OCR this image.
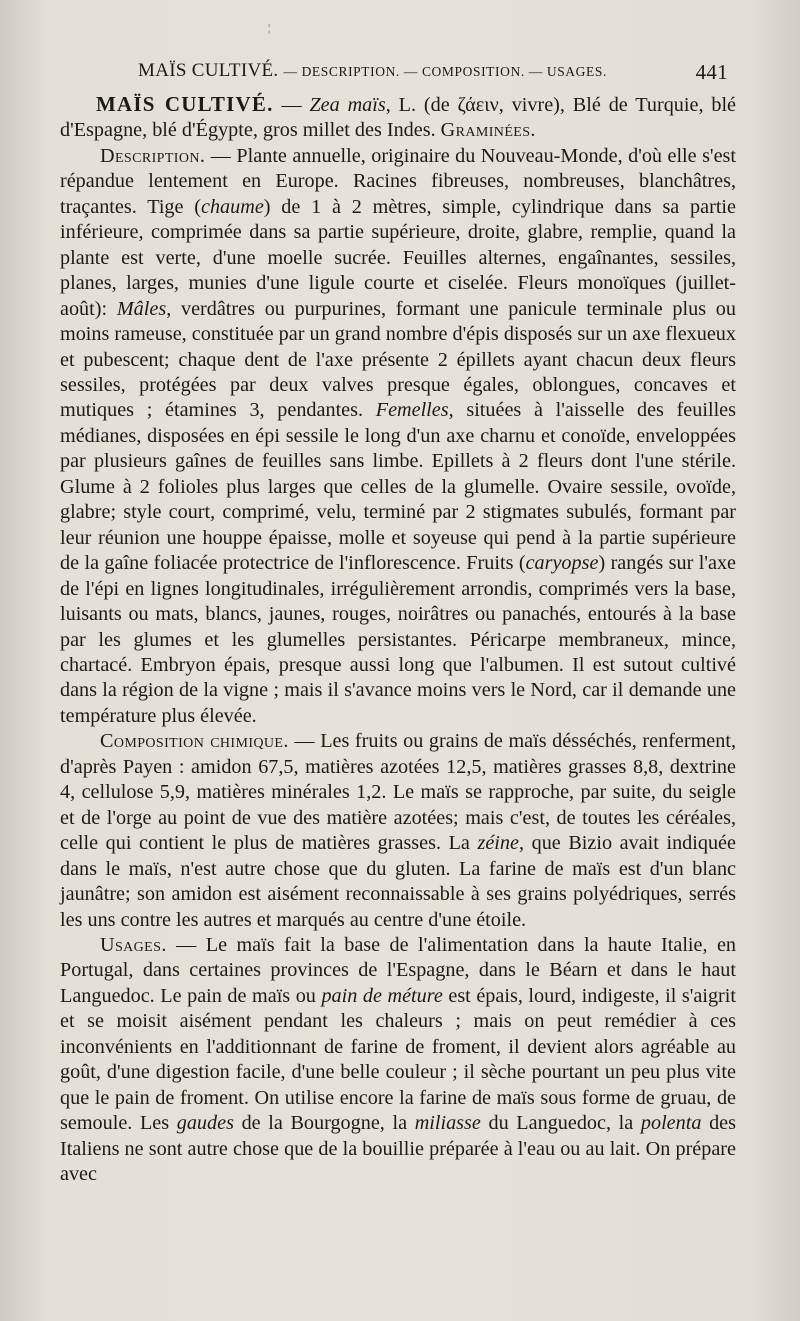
¦
MAÏS CULTIVÉ. — DESCRIPTION. — COMPOSITION. — USAGES.	441

MAÏS CULTIVÉ. — Zea maïs, L. (de ζάειν, vivre), Blé de Turquie, blé d'Espagne, blé d'Égypte, gros millet des Indes. Graminées.

Description. — Plante annuelle, originaire du Nouveau-Monde, d'où elle s'est répandue lentement en Europe. Racines fibreuses, nombreuses, blanchâtres, traçantes. Tige (chaume) de 1 à 2 mètres, simple, cylindrique dans sa partie inférieure, comprimée dans sa partie supérieure, droite, glabre, remplie, quand la plante est verte, d'une moelle sucrée. Feuilles alternes, engaînantes, sessiles, planes, larges, munies d'une ligule courte et ciselée. Fleurs monoïques (juillet-août): Mâles, verdâtres ou purpurines, formant une panicule terminale plus ou moins rameuse, constituée par un grand nombre d'épis disposés sur un axe flexueux et pubescent; chaque dent de l'axe présente 2 épillets ayant chacun deux fleurs sessiles, protégées par deux valves presque égales, oblongues, concaves et mutiques ; étamines 3, pendantes. Femelles, situées à l'aisselle des feuilles médianes, disposées en épi sessile le long d'un axe charnu et conoïde, enveloppées par plusieurs gaînes de feuilles sans limbe. Epillets à 2 fleurs dont l'une stérile. Glume à 2 folioles plus larges que celles de la glumelle. Ovaire sessile, ovoïde, glabre; style court, comprimé, velu, terminé par 2 stigmates subulés, formant par leur réunion une houppe épaisse, molle et soyeuse qui pend à la partie supérieure de la gaîne foliacée protectrice de l'inflorescence. Fruits (caryopse) rangés sur l'axe de l'épi en lignes longitudinales, irrégulièrement arrondis, comprimés vers la base, luisants ou mats, blancs, jaunes, rouges, noirâtres ou panachés, entourés à la base par les glumes et les glumelles persistantes. Péricarpe membraneux, mince, chartacé. Embryon épais, presque aussi long que l'albumen. Il est sutout cultivé dans la région de la vigne ; mais il s'avance moins vers le Nord, car il demande une température plus élevée.

Composition chimique. — Les fruits ou grains de maïs désséchés, renferment, d'après Payen : amidon 67,5, matières azotées 12,5, matières grasses 8,8, dextrine 4, cellulose 5,9, matières minérales 1,2. Le maïs se rapproche, par suite, du seigle et de l'orge au point de vue des matière azotées; mais c'est, de toutes les céréales, celle qui contient le plus de matières grasses. La zéine, que Bizio avait indiquée dans le maïs, n'est autre chose que du gluten. La farine de maïs est d'un blanc jaunâtre; son amidon est aisément reconnaissable à ses grains polyédriques, serrés les uns contre les autres et marqués au centre d'une étoile.

Usages. — Le maïs fait la base de l'alimentation dans la haute Italie, en Portugal, dans certaines provinces de l'Espagne, dans le Béarn et dans le haut Languedoc. Le pain de maïs ou pain de méture est épais, lourd, indigeste, il s'aigrit et se moisit aisément pendant les chaleurs ; mais on peut remédier à ces inconvénients en l'additionnant de farine de froment, il devient alors agréable au goût, d'une digestion facile, d'une belle couleur ; il sèche pourtant un peu plus vite que le pain de froment. On utilise encore la farine de maïs sous forme de gruau, de semoule. Les gaudes de la Bourgogne, la miliasse du Languedoc, la polenta des Italiens ne sont autre chose que de la bouillie préparée à l'eau ou au lait. On prépare avec
